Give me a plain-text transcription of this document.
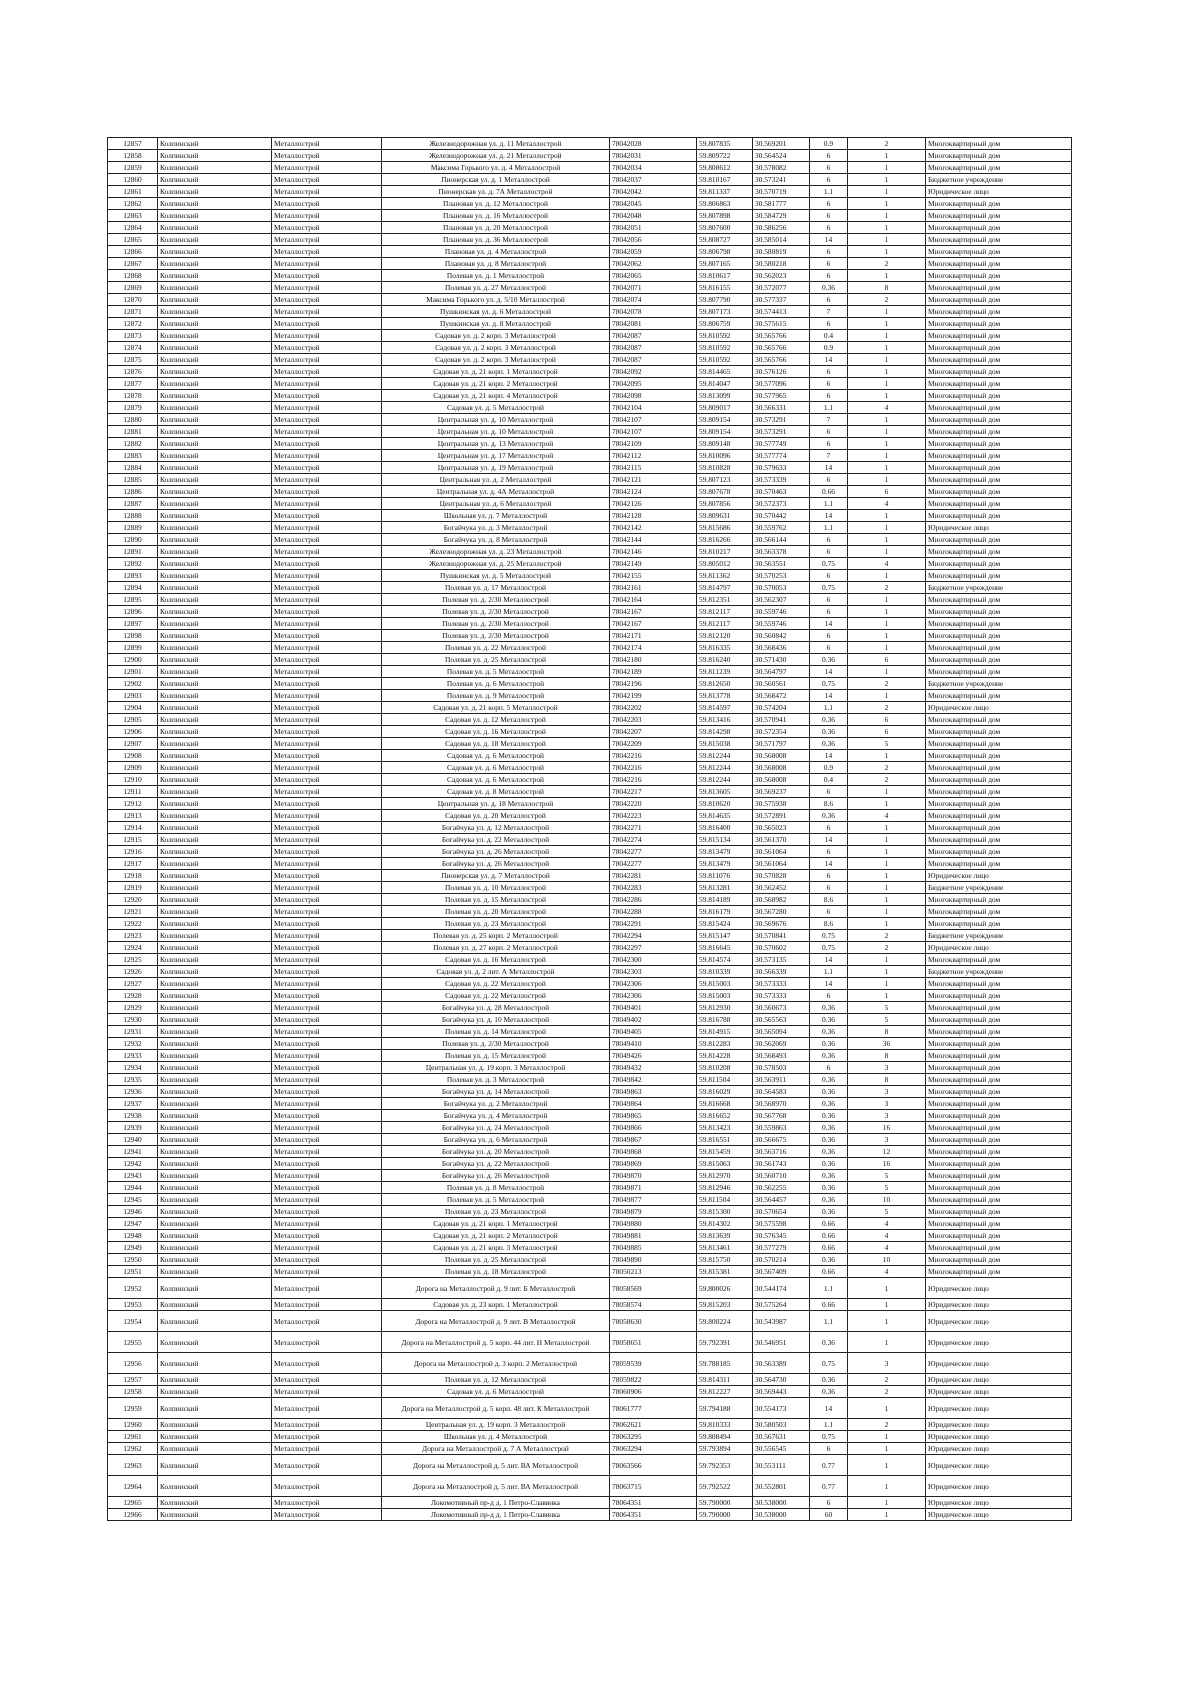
12857	Колпинский	Металлострой	Железнодорожная ул. д. 11 Металлострой	78042028	59.807835	30.569201	0.9	2	Многоквартирный дом
12858	Колпинский	Металлострой	Железнодорожная ул. д. 21 Металлострой	78042031	59.809722	30.564524	6	1	Многоквартирный дом
12859	Колпинский	Металлострой	Максима Горького ул. д. 4 Металлострой	78042034	59.808612	30.578082	6	1	Многоквартирный дом
12860	Колпинский	Металлострой	Пионерская ул. д. 1 Металлострой	78042037	59.810167	30.573241	6	1	Бюджетное учреждение
12861	Колпинский	Металлострой	Пионерская ул. д. 7А Металлострой	78042042	59.811337	30.570719	1.1	1	Юридическое лицо
12862	Колпинский	Металлострой	Плановая ул. д. 12 Металлострой	78042045	59.806863	30.581777	6	1	Многоквартирный дом
12863	Колпинский	Металлострой	Плановая ул. д. 16 Металлострой	78042048	59.807898	30.584729	6	1	Многоквартирный дом
12864	Колпинский	Металлострой	Плановая ул. д. 20 Металлострой	78042051	59.807600	30.586256	6	1	Многоквартирный дом
12865	Колпинский	Металлострой	Плановая ул. д. 36 Металлострой	78042056	59.808727	30.585014	14	1	Многоквартирный дом
12866	Колпинский	Металлострой	Плановая ул. д. 4 Металлострой	78042059	59.806798	30.580819	6	1	Многоквартирный дом
12867	Колпинский	Металлострой	Плановая ул. д. 8 Металлострой	78042062	59.807165	30.580218	6	2	Многоквартирный дом
12868	Колпинский	Металлострой	Полевая ул. д. 1 Металлострой	78042065	59.810617	30.562023	6	1	Многоквартирный дом
12869	Колпинский	Металлострой	Полевая ул. д. 27 Металлострой	78042071	59.816155	30.572077	0.36	8	Многоквартирный дом
12870	Колпинский	Металлострой	Максима Горького ул. д. 5/10 Металлострой	78042074	59.807790	30.577337	6	2	Многоквартирный дом
12871	Колпинский	Металлострой	Пушкинская ул. д. 6 Металлострой	78042078	59.807173	30.574413	7	1	Многоквартирный дом
12872	Колпинский	Металлострой	Пушкинская ул. д. 8 Металлострой	78042081	59.806759	30.575615	6	1	Многоквартирный дом
12873	Колпинский	Металлострой	Садовая ул. д. 2 корп. 3 Металлострой	78042087	59.810592	30.565766	0.4	1	Многоквартирный дом
12874	Колпинский	Металлострой	Садовая ул. д. 2 корп. 3 Металлострой	78042087	59.810592	30.565766	0.9	1	Многоквартирный дом
12875	Колпинский	Металлострой	Садовая ул. д. 2 корп. 3 Металлострой	78042087	59.810592	30.565766	14	1	Многоквартирный дом
12876	Колпинский	Металлострой	Садовая ул. д. 21 корп. 1 Металлострой	78042092	59.814465	30.576126	6	1	Многоквартирный дом
12877	Колпинский	Металлострой	Садовая ул. д. 21 корп. 2 Металлострой	78042095	59.814047	30.577096	6	1	Многоквартирный дом
12878	Колпинский	Металлострой	Садовая ул. д. 21 корп. 4 Металлострой	78042098	59.813099	30.577965	6	1	Многоквартирный дом
12879	Колпинский	Металлострой	Садовая ул. д. 5 Металлострой	78042104	59.809017	30.566331	1.1	4	Многоквартирный дом
12880	Колпинский	Металлострой	Центральная ул. д. 10 Металлострой	78042107	59.809154	30.573291	7	1	Многоквартирный дом
12881	Колпинский	Металлострой	Центральная ул. д. 10 Металлострой	78042107	59.809154	30.573291	6	1	Многоквартирный дом
12882	Колпинский	Металлострой	Центральная ул. д. 13 Металлострой	78042109	59.809148	30.577749	6	1	Многоквартирный дом
12883	Колпинский	Металлострой	Центральная ул. д. 17 Металлострой	78042112	59.810096	30.577774	7	1	Многоквартирный дом
12884	Колпинский	Металлострой	Центральная ул. д. 19 Металлострой	78042115	59.810828	30.579633	14	1	Многоквартирный дом
12885	Колпинский	Металлострой	Центральная ул. д. 2 Металлострой	78042121	59.807123	30.573339	6	1	Многоквартирный дом
12886	Колпинский	Металлострой	Центральная ул. д. 4А Металлострой	78042124	59.807678	30.570463	0.66	6	Многоквартирный дом
12887	Колпинский	Металлострой	Центральная ул. д. 6 Металлострой	78042126	59.807856	30.572373	1.1	4	Многоквартирный дом
12888	Колпинский	Металлострой	Школьная ул. д. 7 Металлострой	78042128	59.809631	30.570442	14	1	Многоквартирный дом
12889	Колпинский	Металлострой	Богайчука ул. д. 3 Металлострой	78042142	59.815686	30.559762	1.1	1	Юридическое лицо
12890	Колпинский	Металлострой	Богайчука ул. д. 8 Металлострой	78042144	59.816266	30.566144	6	1	Многоквартирный дом
12891	Колпинский	Металлострой	Железнодорожная ул. д. 23 Металлострой	78042146	59.810217	30.563378	6	1	Многоквартирный дом
12892	Колпинский	Металлострой	Железнодорожная ул. д. 25 Металлострой	78042149	59.805012	30.563551	0.75	4	Многоквартирный дом
12893	Колпинский	Металлострой	Пушкинская ул. д. 5 Металлострой	78042155	59.811362	30.570253	6	1	Многоквартирный дом
12894	Колпинский	Металлострой	Полевая ул. д. 17 Металлострой	78042161	59.814797	30.570053	0.75	2	Бюджетное учреждение
12895	Колпинский	Металлострой	Полевая ул. д. 2/30 Металлострой	78042164	59.812351	30.562307	6	1	Многоквартирный дом
12896	Колпинский	Металлострой	Полевая ул. д. 2/30 Металлострой	78042167	59.812117	30.559746	6	1	Многоквартирный дом
12897	Колпинский	Металлострой	Полевая ул. д. 2/30 Металлострой	78042167	59.812117	30.559746	14	1	Многоквартирный дом
12898	Колпинский	Металлострой	Полевая ул. д. 2/30 Металлострой	78042171	59.812120	30.560842	6	1	Многоквартирный дом
12899	Колпинский	Металлострой	Полевая ул. д. 22 Металлострой	78042174	59.816335	30.568436	6	1	Многоквартирный дом
12900	Колпинский	Металлострой	Полевая ул. д. 25 Металлострой	78042180	59.816240	30.571430	0.36	6	Многоквартирный дом
12901	Колпинский	Металлострой	Полевая ул. д. 5 Металлострой	78042189	59.811239	30.564797	14	1	Многоквартирный дом
12902	Колпинский	Металлострой	Полевая ул. д. 6 Металлострой	78042196	59.812650	30.560561	0.75	2	Бюджетное учреждение
12903	Колпинский	Металлострой	Полевая ул. д. 9 Металлострой	78042199	59.813778	30.568472	14	1	Многоквартирный дом
12904	Колпинский	Металлострой	Садовая ул. д. 21 корп. 5 Металлострой	78042202	59.814597	30.574204	1.1	2	Юридическое лицо
12905	Колпинский	Металлострой	Садовая ул. д. 12 Металлострой	78042203	59.813416	30.570941	0.36	6	Многоквартирный дом
12906	Колпинский	Металлострой	Садовая ул. д. 16 Металлострой	78042207	59.814298	30.572354	0.36	6	Многоквартирный дом
12907	Колпинский	Металлострой	Садовая ул. д. 18 Металлострой	78042209	59.815038	30.571797	0.36	5	Многоквартирный дом
12908	Колпинский	Металлострой	Садовая ул. д. 6 Металлострой	78042216	59.812244	30.568008	14	1	Многоквартирный дом
12909	Колпинский	Металлострой	Садовая ул. д. 6 Металлострой	78042216	59.812244	30.568008	0.9	2	Многоквартирный дом
12910	Колпинский	Металлострой	Садовая ул. д. 6 Металлострой	78042216	59.812244	30.568008	0.4	2	Многоквартирный дом
12911	Колпинский	Металлострой	Садовая ул. д. 8 Металлострой	78042217	59.813605	30.569237	6	1	Многоквартирный дом
12912	Колпинский	Металлострой	Центральная ул. д. 18 Металлострой	78042220	59.810620	30.575938	8.6	1	Многоквартирный дом
12913	Колпинский	Металлострой	Садовая ул. д. 20 Металлострой	78042223	59.814635	30.572891	0.36	4	Многоквартирный дом
12914	Колпинский	Металлострой	Богайчука ул. д. 12 Металлострой	78042271	59.816400	30.565023	6	1	Многоквартирный дом
12915	Колпинский	Металлострой	Богайчука ул. д. 22 Металлострой	78042274	59.815134	30.561370	14	1	Многоквартирный дом
12916	Колпинский	Металлострой	Богайчука ул. д. 26 Металлострой	78042277	59.813479	30.561064	6	1	Многоквартирный дом
12917	Колпинский	Металлострой	Богайчука ул. д. 26 Металлострой	78042277	59.813479	30.561064	14	1	Многоквартирный дом
12918	Колпинский	Металлострой	Пионерская ул. д. 7 Металлострой	78042281	59.811076	30.570828	6	1	Юридическое лицо
12919	Колпинский	Металлострой	Полевая ул. д. 10 Металлострой	78042283	59.813281	30.562452	6	1	Бюджетное учреждение
12920	Колпинский	Металлострой	Полевая ул. д. 15 Металлострой	78042286	59.814189	30.568982	8.6	1	Многоквартирный дом
12921	Колпинский	Металлострой	Полевая ул. д. 20 Металлострой	78042288	59.816179	30.567280	6	1	Многоквартирный дом
12922	Колпинский	Металлострой	Полевая ул. д. 23 Металлострой	78042291	59.815424	30.569676	8.6	1	Многоквартирный дом
12923	Колпинский	Металлострой	Полевая ул. д. 25 корп. 2 Металлострой	78042294	59.815147	30.570841	0.75	2	Бюджетное учреждение
12924	Колпинский	Металлострой	Полевая ул. д. 27 корп. 2 Металлострой	78042297	59.816645	30.570602	0.75	2	Юридическое лицо
12925	Колпинский	Металлострой	Садовая ул. д. 16 Металлострой	78042300	59.814574	30.573135	14	1	Многоквартирный дом
12926	Колпинский	Металлострой	Садовая ул. д. 2 лит. А Металлострой	78042303	59.810339	30.566339	1.1	1	Бюджетное учреждение
12927	Колпинский	Металлострой	Садовая ул. д. 22 Металлострой	78042306	59.815003	30.573333	14	1	Многоквартирный дом
12928	Колпинский	Металлострой	Садовая ул. д. 22 Металлострой	78042306	59.815003	30.573333	6	1	Многоквартирный дом
12929	Колпинский	Металлострой	Богайчука ул. д. 28 Металлострой	78049401	59.812930	30.560673	0.36	5	Многоквартирный дом
12930	Колпинский	Металлострой	Богайчука ул. д. 10 Металлострой	78049402	59.816788	30.565563	0.36	5	Многоквартирный дом
12931	Колпинский	Металлострой	Полевая ул. д. 14 Металлострой	78049405	59.814915	30.565094	0.36	8	Многоквартирный дом
12932	Колпинский	Металлострой	Полевая ул. д. 2/30 Металлострой	78049410	59.812283	30.562069	0.36	36	Многоквартирный дом
12933	Колпинский	Металлострой	Полевая ул. д. 15 Металлострой	78049426	59.814228	30.568493	0.36	8	Многоквартирный дом
12934	Колпинский	Металлострой	Центральная ул. д. 19 корп. 3 Металлострой	78049432	59.810208	30.578503	6	3	Многоквартирный дом
12935	Колпинский	Металлострой	Полевая ул. д. 3 Металлострой	78049842	59.811504	30.563911	0.36	8	Многоквартирный дом
12936	Колпинский	Металлострой	Богайчука ул. д. 14 Металлострой	78049863	59.816029	30.564583	0.36	3	Многоквартирный дом
12937	Колпинский	Металлострой	Богайчука ул. д. 2 Металлострой	78049864	59.816668	30.568970	0.36	3	Многоквартирный дом
12938	Колпинский	Металлострой	Богайчука ул. д. 4 Металлострой	78049865	59.816652	30.567768	0.36	3	Многоквартирный дом
12939	Колпинский	Металлострой	Богайчука ул. д. 24 Металлострой	78049866	59.813423	30.559863	0.36	16	Многоквартирный дом
12940	Колпинский	Металлострой	Богайчука ул. д. 6 Металлострой	78049867	59.816551	30.566675	0.36	3	Многоквартирный дом
12941	Колпинский	Металлострой	Богайчука ул. д. 20 Металлострой	78049868	59.815459	30.563716	0.36	12	Многоквартирный дом
12942	Колпинский	Металлострой	Богайчука ул. д. 22 Металлострой	78049869	59.815063	30.561743	0.36	16	Многоквартирный дом
12943	Колпинский	Металлострой	Богайчука ул. д. 26 Металлострой	78049870	59.812970	30.560710	0.36	5	Многоквартирный дом
12944	Колпинский	Металлострой	Полевая ул. д. 8 Металлострой	78049871	59.812946	30.562255	0.36	5	Многоквартирный дом
12945	Колпинский	Металлострой	Полевая ул. д. 5 Металлострой	78049877	59.811504	30.564457	0.36	10	Многоквартирный дом
12946	Колпинский	Металлострой	Полевая ул. д. 23 Металлострой	78049879	59.815300	30.570654	0.36	5	Многоквартирный дом
12947	Колпинский	Металлострой	Садовая ул. д. 21 корп. 1 Металлострой	78049880	59.814302	30.575598	0.66	4	Многоквартирный дом
12948	Колпинский	Металлострой	Садовая ул. д. 21 корп. 2 Металлострой	78049881	59.813639	30.576345	0.66	4	Многоквартирный дом
12949	Колпинский	Металлострой	Садовая ул. д. 21 корп. 3 Металлострой	78049885	59.813461	30.577279	0.66	4	Многоквартирный дом
12950	Колпинский	Металлострой	Полевая ул. д. 25 Металлострой	78049890	59.815750	30.570214	0.36	10	Многоквартирный дом
12951	Колпинский	Металлострой	Полевая ул. д. 18 Металлострой	78050213	59.815381	30.567409	0.66	4	Многоквартирный дом
12952	Колпинский	Металлострой	Дорога на Металлострой д. 9 лит. Б Металлострой	78058569	59.800026	30.544174	1.1	1	Юридическое лицо
12953	Колпинский	Металлострой	Садовая ул. д. 23 корп. 1 Металлострой	78058574	59.815203	30.575264	0.66	1	Юридическое лицо
12954	Колпинский	Металлострой	Дорога на Металлострой д. 9 лит. В Металлострой	78058630	59.800224	30.543987	1.1	1	Юридическое лицо
12955	Колпинский	Металлострой	Дорога на Металлострой д. 5 корп. 44 лит. Н Металлострой	78058651	59.792391	30.546951	0.36	1	Юридическое лицо
12956	Колпинский	Металлострой	Дорога на Металлострой д. 3 корп. 2 Металлострой	78059539	59.788185	30.563389	0.75	3	Юридическое лицо
12957	Колпинский	Металлострой	Полевая ул. д. 12 Металлострой	78059822	59.814311	30.564730	0.36	2	Юридическое лицо
12958	Колпинский	Металлострой	Садовая ул. д. 6 Металлострой	78060906	59.812227	30.569443	0.36	2	Юридическое лицо
12959	Колпинский	Металлострой	Дорога на Металлострой д. 5 корп. 48 лит. К Металлострой	78061777	59.794188	30.554173	14	1	Юридическое лицо
12960	Колпинский	Металлострой	Центральная ул. д. 19 корп. 3 Металлострой	78062621	59.810333	30.580503	1.1	2	Юридическое лицо
12961	Колпинский	Металлострой	Школьная ул. д. 4 Металлострой	78063295	59.808494	30.567631	0.75	1	Юридическое лицо
12962	Колпинский	Металлострой	Дорога на Металлострой д. 7 А Металлострой	78063294	59.793894	30.556545	6	1	Юридическое лицо
12963	Колпинский	Металлострой	Дорога на Металлострой д. 5 лит. ВА Металлострой	78063566	59.792353	30.553111	0.77	1	Юридическое лицо
12964	Колпинский	Металлострой	Дорога на Металлострой д. 5 лит. ВА Металлострой	78063715	59.792522	30.552801	0.77	1	Юридическое лицо
12965	Колпинский	Металлострой	Локомотивный пр-д д. 1 Петро-Славянка	78064351	59.790000	30.538000	6	1	Юридическое лицо
12966	Колпинский	Металлострой	Локомотивный пр-д д. 1 Петро-Славянка	78064351	59.790000	30.538000	60	1	Юридическое лицо
